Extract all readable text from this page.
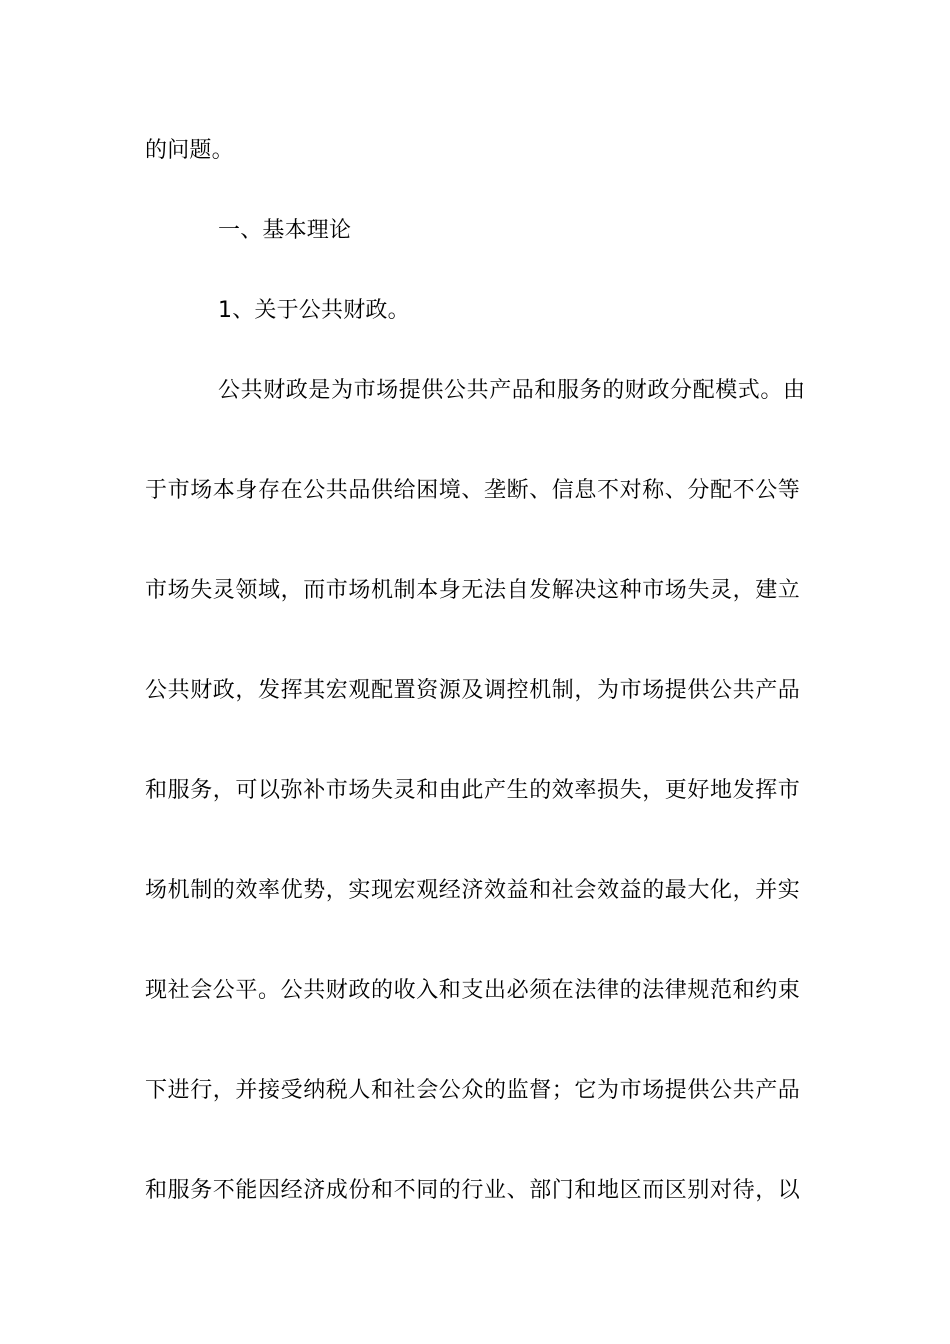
的问题。
一、基本理论
1、关于公共财政。
公共财政是为市场提供公共产品和服务的财政分配模式。由
于市场本身存在公共品供给困境、垄断、信息不对称、分配不公等
市场失灵领域，而市场机制本身无法自发解决这种市场失灵，建立
公共财政，发挥其宏观配置资源及调控机制，为市场提供公共产品
和服务，可以弥补市场失灵和由此产生的效率损失，更好地发挥市
场机制的效率优势，实现宏观经济效益和社会效益的最大化，并实
现社会公平。公共财政的收入和支出必须在法律的法律规范和约束
下进行，并接受纳税人和社会公众的监督；它为市场提供公共产品
和服务不能因经济成份和不同的行业、部门和地区而区别对待，以
